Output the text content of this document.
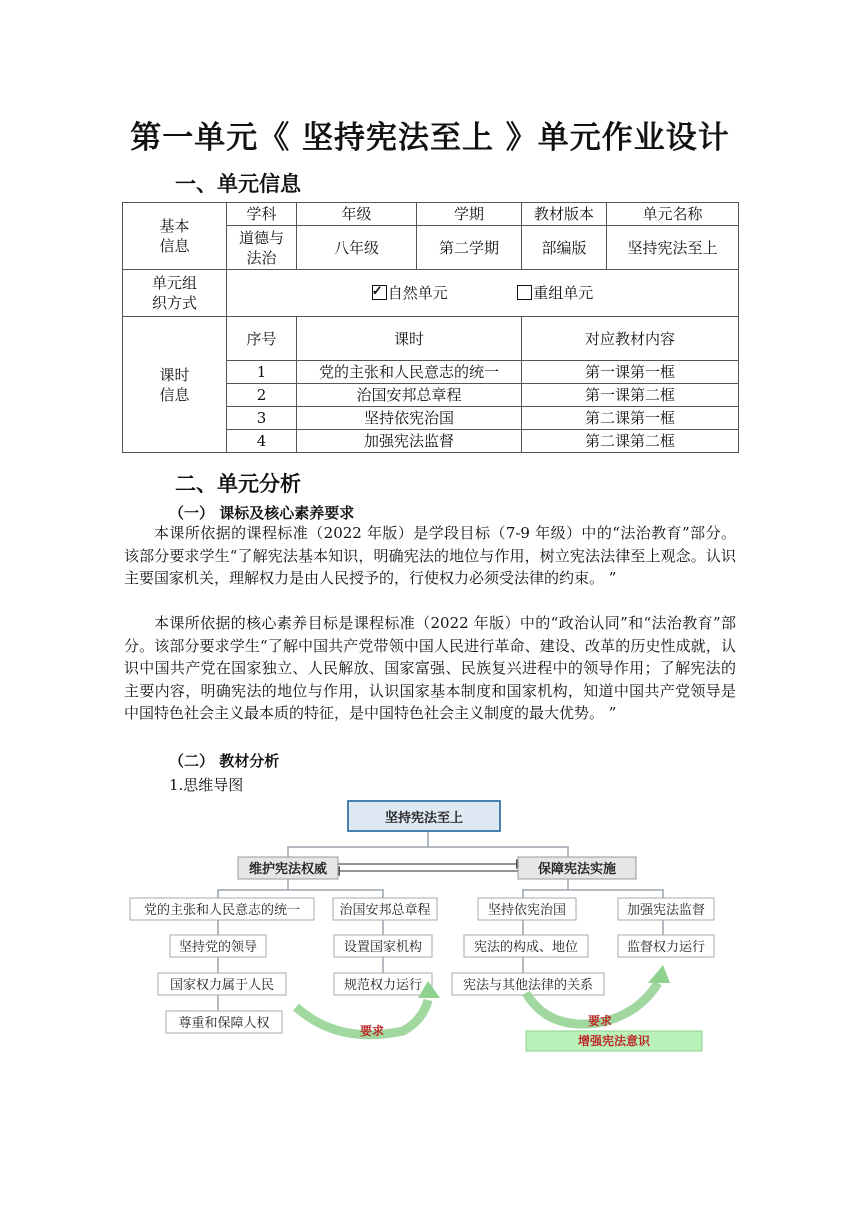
第一单元《 坚持宪法至上 》单元作业设计
一、单元信息
基本
信息	学科	年级	学期	教材版本	单元名称
	道德与
法治	八年级	第二学期	部编版	坚持宪法至上
单元组
织方式	✓ 自然单元 重组单元				
课时
信息	序号	课时		对应教材内容	
	1	党的主张和人民意志的统一		第一课第一框	
	2	治国安邦总章程		第一课第二框	
	3	坚持依宪治国		第二课第一框	
	4	加强宪法监督		第二课第二框	
二、单元分析
（一） 课标及核心素养要求

本课所依据的课程标准（2022 年版）是学段目标（7-9 年级）中的“法治教育”部分。该部分要求学生“了解宪法基本知识，明确宪法的地位与作用，树立宪法法律至上观念。认识主要国家机关，理解权力是由人民授予的，行使权力必须受法律的约束。 ”

本课所依据的核心素养目标是课程标准（2022 年版）中的“政治认同”和“法治教育”部分。该部分要求学生“了解中国共产党带领中国人民进行革命、建设、改革的历史性成就，认识中国共产党在国家独立、人民解放、国家富强、民族复兴进程中的领导作用；了解宪法的主要内容，明确宪法的地位与作用，认识国家基本制度和国家机构，知道中国共产党领导是中国特色社会主义最本质的特征，是中国特色社会主义制度的最大优势。 ”

（二） 教材分析
1.思维导图
坚持宪法至上
维护宪法权威	保障宪法实施
党的主张和人民意志的统一	治国安邦总章程	坚持依宪治国	加强宪法监督
坚持党的领导
国家权力属于人民
尊重和保障人权
设置国家机构
规范权力运行
宪法的构成、地位
宪法与其他法律的关系
监督权力运行
要求
要求
增强宪法意识
